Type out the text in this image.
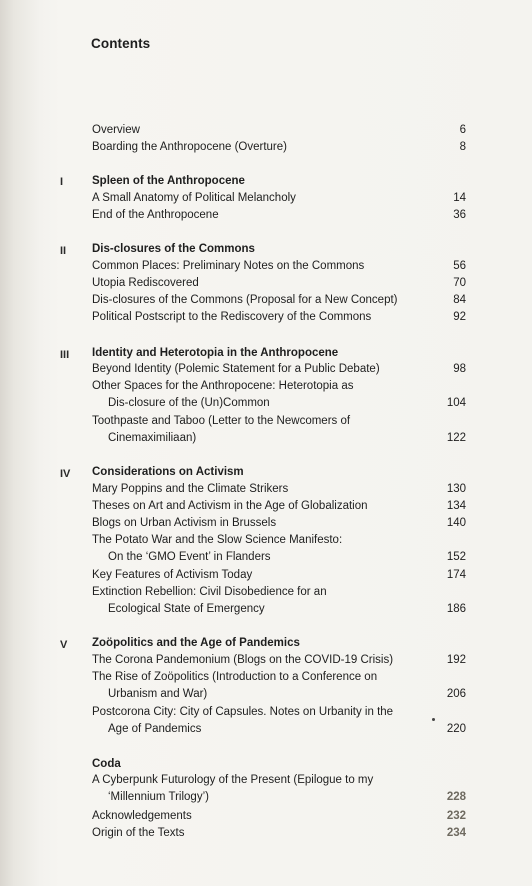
Contents
Overview	6
Boarding the Anthropocene (Overture)	8
I	Spleen of the Anthropocene
A Small Anatomy of Political Melancholy	14
End of the Anthropocene	36
II	Dis-closures of the Commons
Common Places: Preliminary Notes on the Commons	56
Utopia Rediscovered	70
Dis-closures of the Commons (Proposal for a New Concept)	84
Political Postscript to the Rediscovery of the Commons	92
III	Identity and Heterotopia in the Anthropocene
Beyond Identity (Polemic Statement for a Public Debate)	98
Other Spaces for the Anthropocene: Heterotopia as
Dis-closure of the (Un)Common	104
Toothpaste and Taboo (Letter to the Newcomers of
Cinemaximiliaan)	122
IV	Considerations on Activism
Mary Poppins and the Climate Strikers	130
Theses on Art and Activism in the Age of Globalization	134
Blogs on Urban Activism in Brussels	140
The Potato War and the Slow Science Manifesto:
On the ‘GMO Event’ in Flanders	152
Key Features of Activism Today	174
Extinction Rebellion: Civil Disobedience for an
Ecological State of Emergency	186
V	Zoöpolitics and the Age of Pandemics
The Corona Pandemonium (Blogs on the COVID-19 Crisis)	192
The Rise of Zoöpolitics (Introduction to a Conference on
Urbanism and War)	206
Postcorona City: City of Capsules. Notes on Urbanity in the
Age of Pandemics	220
Coda
A Cyberpunk Futurology of the Present (Epilogue to my
‘Millennium Trilogy’)	228
Acknowledgements	232
Origin of the Texts	234
